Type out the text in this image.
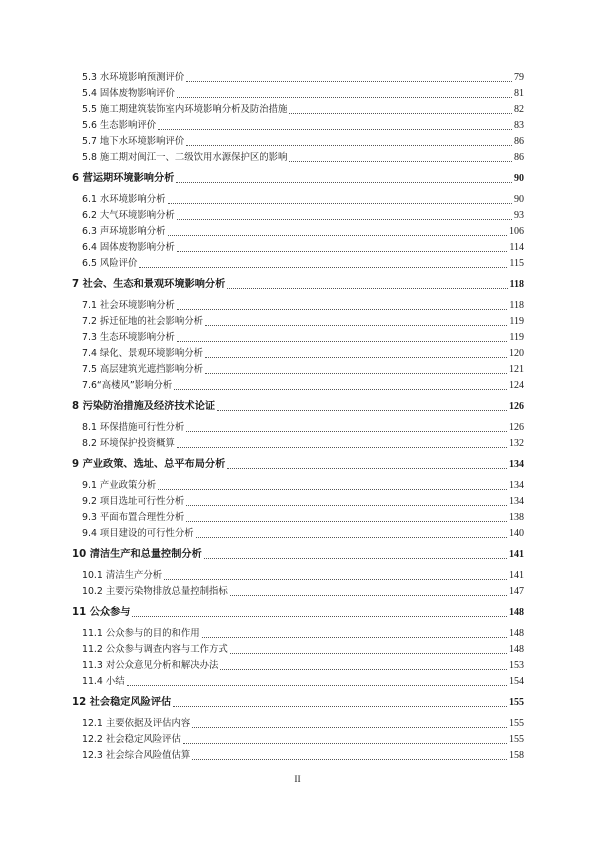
5.3 水环境影响预测评价	79
5.4 固体废物影响评价	81
5.5 施工期建筑装饰室内环境影响分析及防治措施	82
5.6 生态影响评价	83
5.7 地下水环境影响评价	86
5.8 施工期对闽江一、二级饮用水源保护区的影响	86
6 营运期环境影响分析	90
6.1 水环境影响分析	90
6.2 大气环境影响分析	93
6.3 声环境影响分析	106
6.4 固体废物影响分析	114
6.5 风险评价	115
7 社会、生态和景观环境影响分析	118
7.1 社会环境影响分析	118
7.2 拆迁征地的社会影响分析	119
7.3 生态环境影响分析	119
7.4 绿化、景观环境影响分析	120
7.5 高层建筑光遮挡影响分析	121
7.6“高楼风”影响分析	124
8 污染防治措施及经济技术论证	126
8.1 环保措施可行性分析	126
8.2 环境保护投资概算	132
9 产业政策、选址、总平布局分析	134
9.1 产业政策分析	134
9.2 项目选址可行性分析	134
9.3 平面布置合理性分析	138
9.4 项目建设的可行性分析	140
10 清洁生产和总量控制分析	141
10.1 清洁生产分析	141
10.2 主要污染物排放总量控制指标	147
11 公众参与	148
11.1 公众参与的目的和作用	148
11.2 公众参与调查内容与工作方式	148
11.3 对公众意见分析和解决办法	153
11.4 小结	154
12 社会稳定风险评估	155
12.1 主要依据及评估内容	155
12.2 社会稳定风险评估	155
12.3 社会综合风险值估算	158
II
